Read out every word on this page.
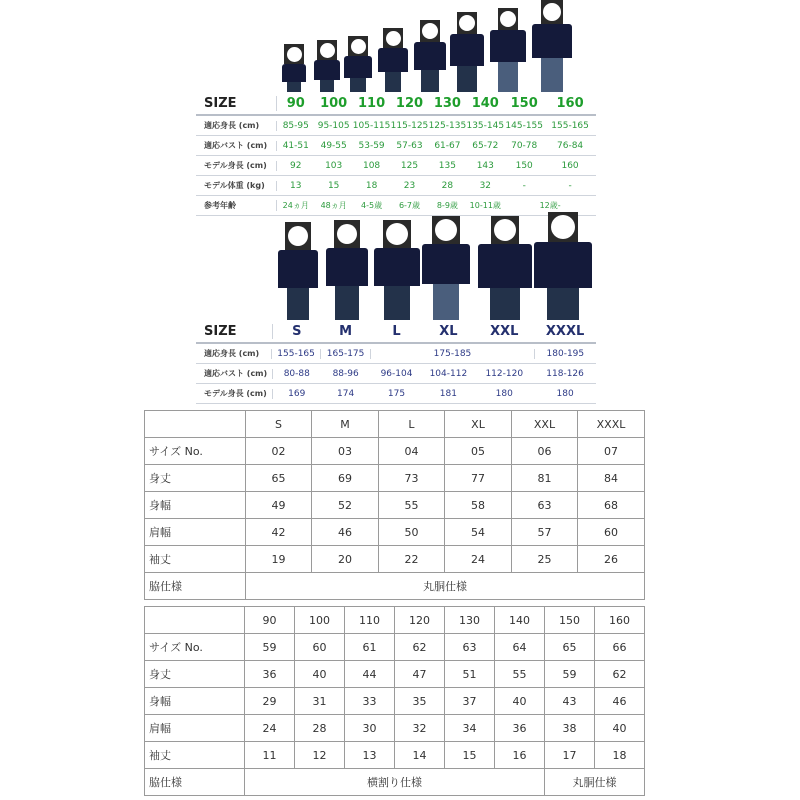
SIZE	90	100 110 120 130 140 150	160
適応身長 (cm)	85-95 95-105 105-115 115-125 125-135 135-145 145-155 155-165
適応バスト (cm)	41-51	49-55	53-59	57-63	61-67	65-72	70-78	76-84
モデル身長 (cm)	92	103	108	125	135	143	150	160
モデル体重 (kg)	13	15	18	23	28	32	-	-
参考年齢	24ヵ月	48ヵ月	4-5歳	6-7歳	8-9歳	10-11歳	12歳-
SIZE	S	M	L	XL	XXL	XXXL
適応身長 (cm)	155-165	165-175	175-185	180-195
適応バスト (cm)	80-88	88-96	96-104	104-112	112-120	118-126
モデル身長 (cm)	169	174	175	181	180	180
	S	M	L	XL	XXL	XXXL
サイズ No.	02	03	04	05	06	07
身丈	65	69	73	77	81	84
身幅	49	52	55	58	63	68
肩幅	42	46	50	54	57	60
袖丈	19	20	22	24	25	26
脇仕様	丸胴仕様					
	90	100	110	120	130	140	150	160
サイズ No.	59	60	61	62	63	64	65	66
身丈	36	40	44	47	51	55	59	62
身幅	29	31	33	35	37	40	43	46
肩幅	24	28	30	32	34	36	38	40
袖丈	11	12	13	14	15	16	17	18
脇仕様	横割り仕様						丸胴仕様	
